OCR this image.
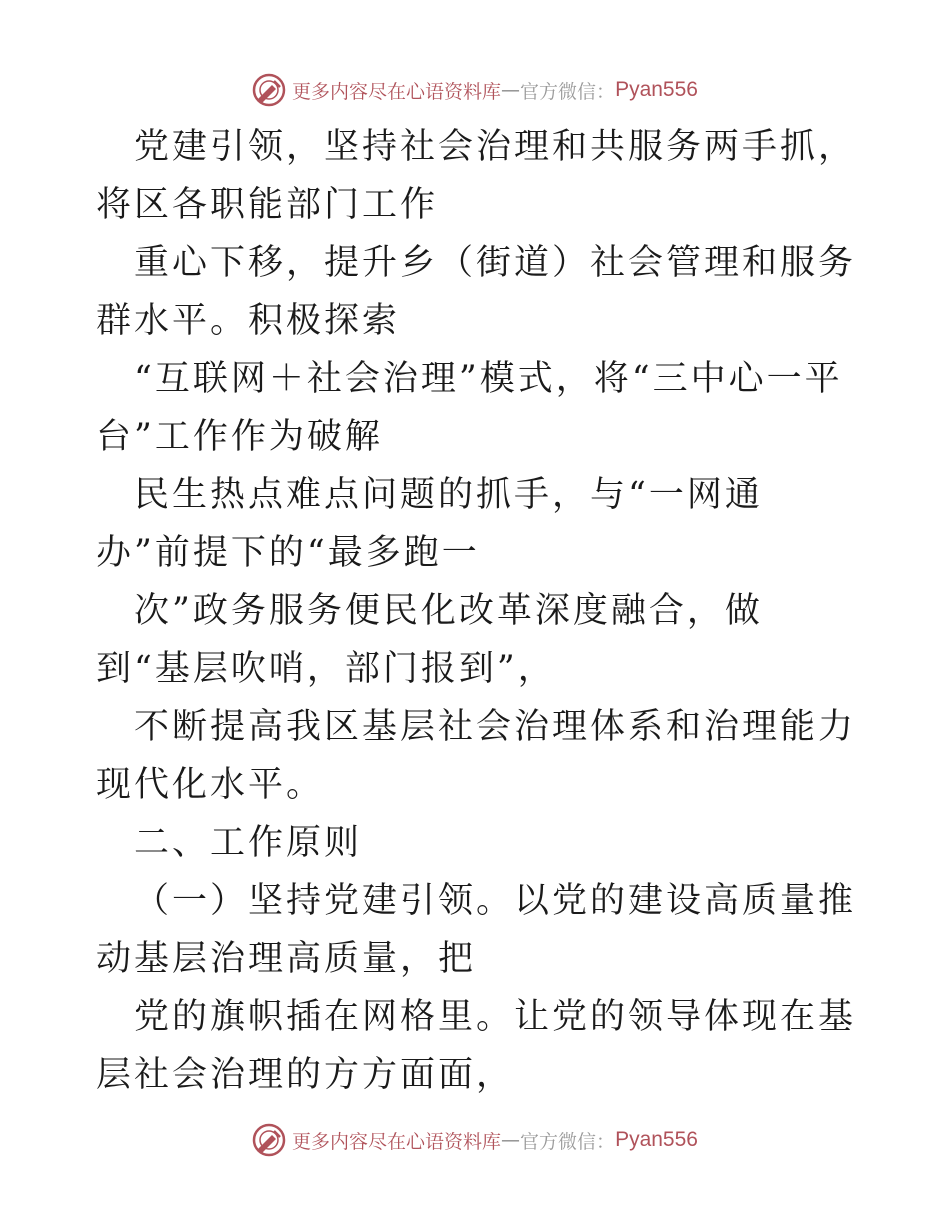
更多内容尽在心语资料库 — 官方微信： Pyan556

党建引领，坚持社会治理和共服务两手抓，将区各职能部门工作

重心下移，提升乡（街道）社会管理和服务群水平。积极探索

“互联网＋社会治理”模式，将“三中心一平台”工作作为破解

民生热点难点问题的抓手，与“一网通办”前提下的“最多跑一

次”政务服务便民化改革深度融合，做到“基层吹哨，部门报到”，

不断提高我区基层社会治理体系和治理能力现代化水平。

二、工作原则

（一）坚持党建引领。以党的建设高质量推动基层治理高质量，把

党的旗帜插在网格里。让党的领导体现在基层社会治理的方方面面，

更多内容尽在心语资料库 — 官方微信： Pyan556
